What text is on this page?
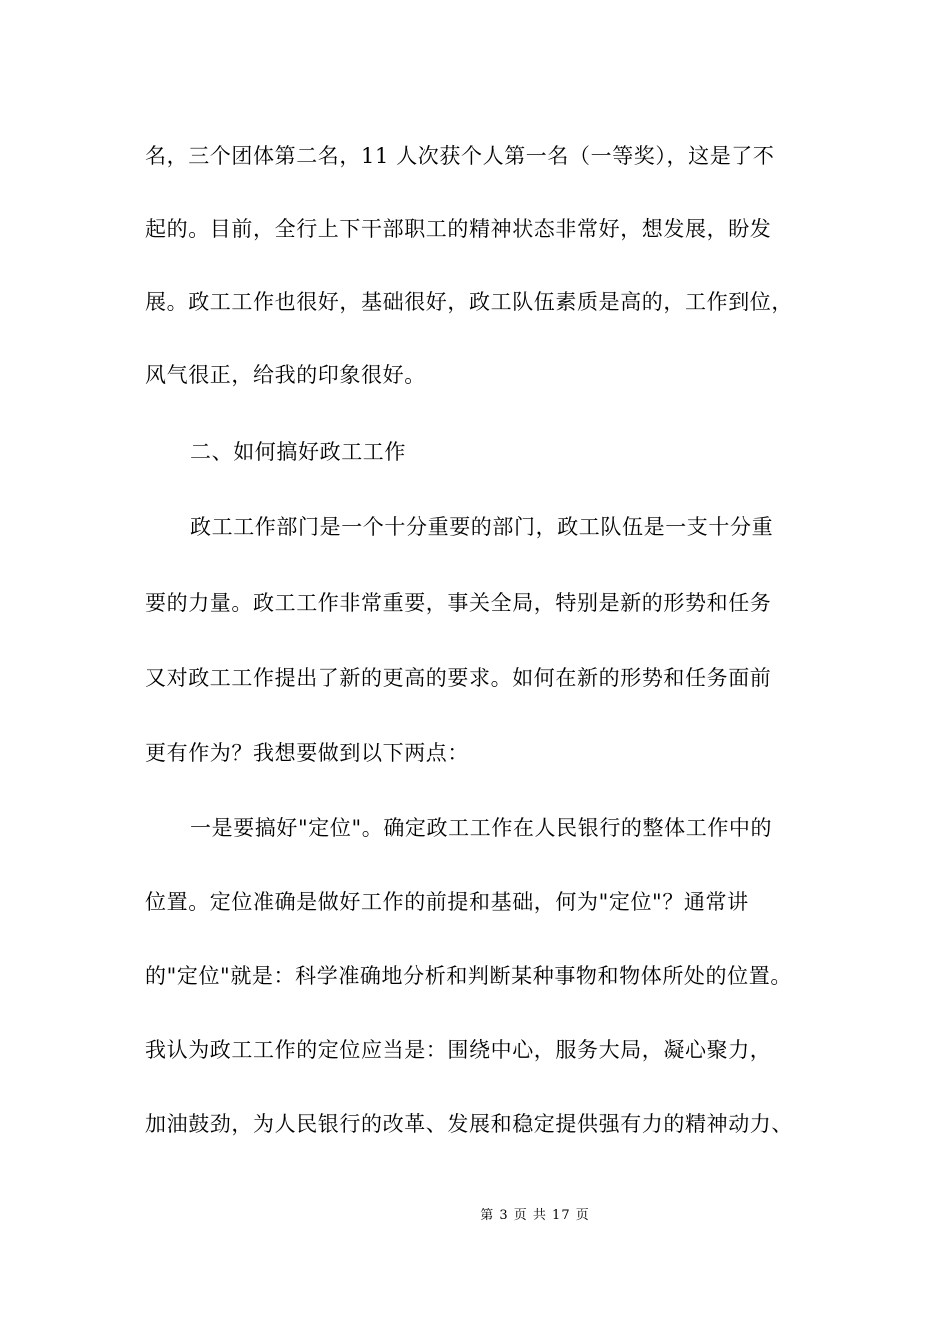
名，三个团体第二名，11 人次获个人第一名（一等奖），这是了不
起的。目前，全行上下干部职工的精神状态非常好，想发展，盼发
展。政工工作也很好，基础很好，政工队伍素质是高的，工作到位，
风气很正，给我的印象很好。
二、如何搞好政工工作
政工工作部门是一个十分重要的部门，政工队伍是一支十分重
要的力量。政工工作非常重要，事关全局，特别是新的形势和任务
又对政工工作提出了新的更高的要求。如何在新的形势和任务面前
更有作为？我想要做到以下两点：
一是要搞好"定位"。确定政工工作在人民银行的整体工作中的
位置。定位准确是做好工作的前提和基础，何为"定位"？通常讲
的"定位"就是：科学准确地分析和判断某种事物和物体所处的位置。
我认为政工工作的定位应当是：围绕中心，服务大局，凝心聚力，
加油鼓劲，为人民银行的改革、发展和稳定提供强有力的精神动力、
第 3 页 共 17 页
